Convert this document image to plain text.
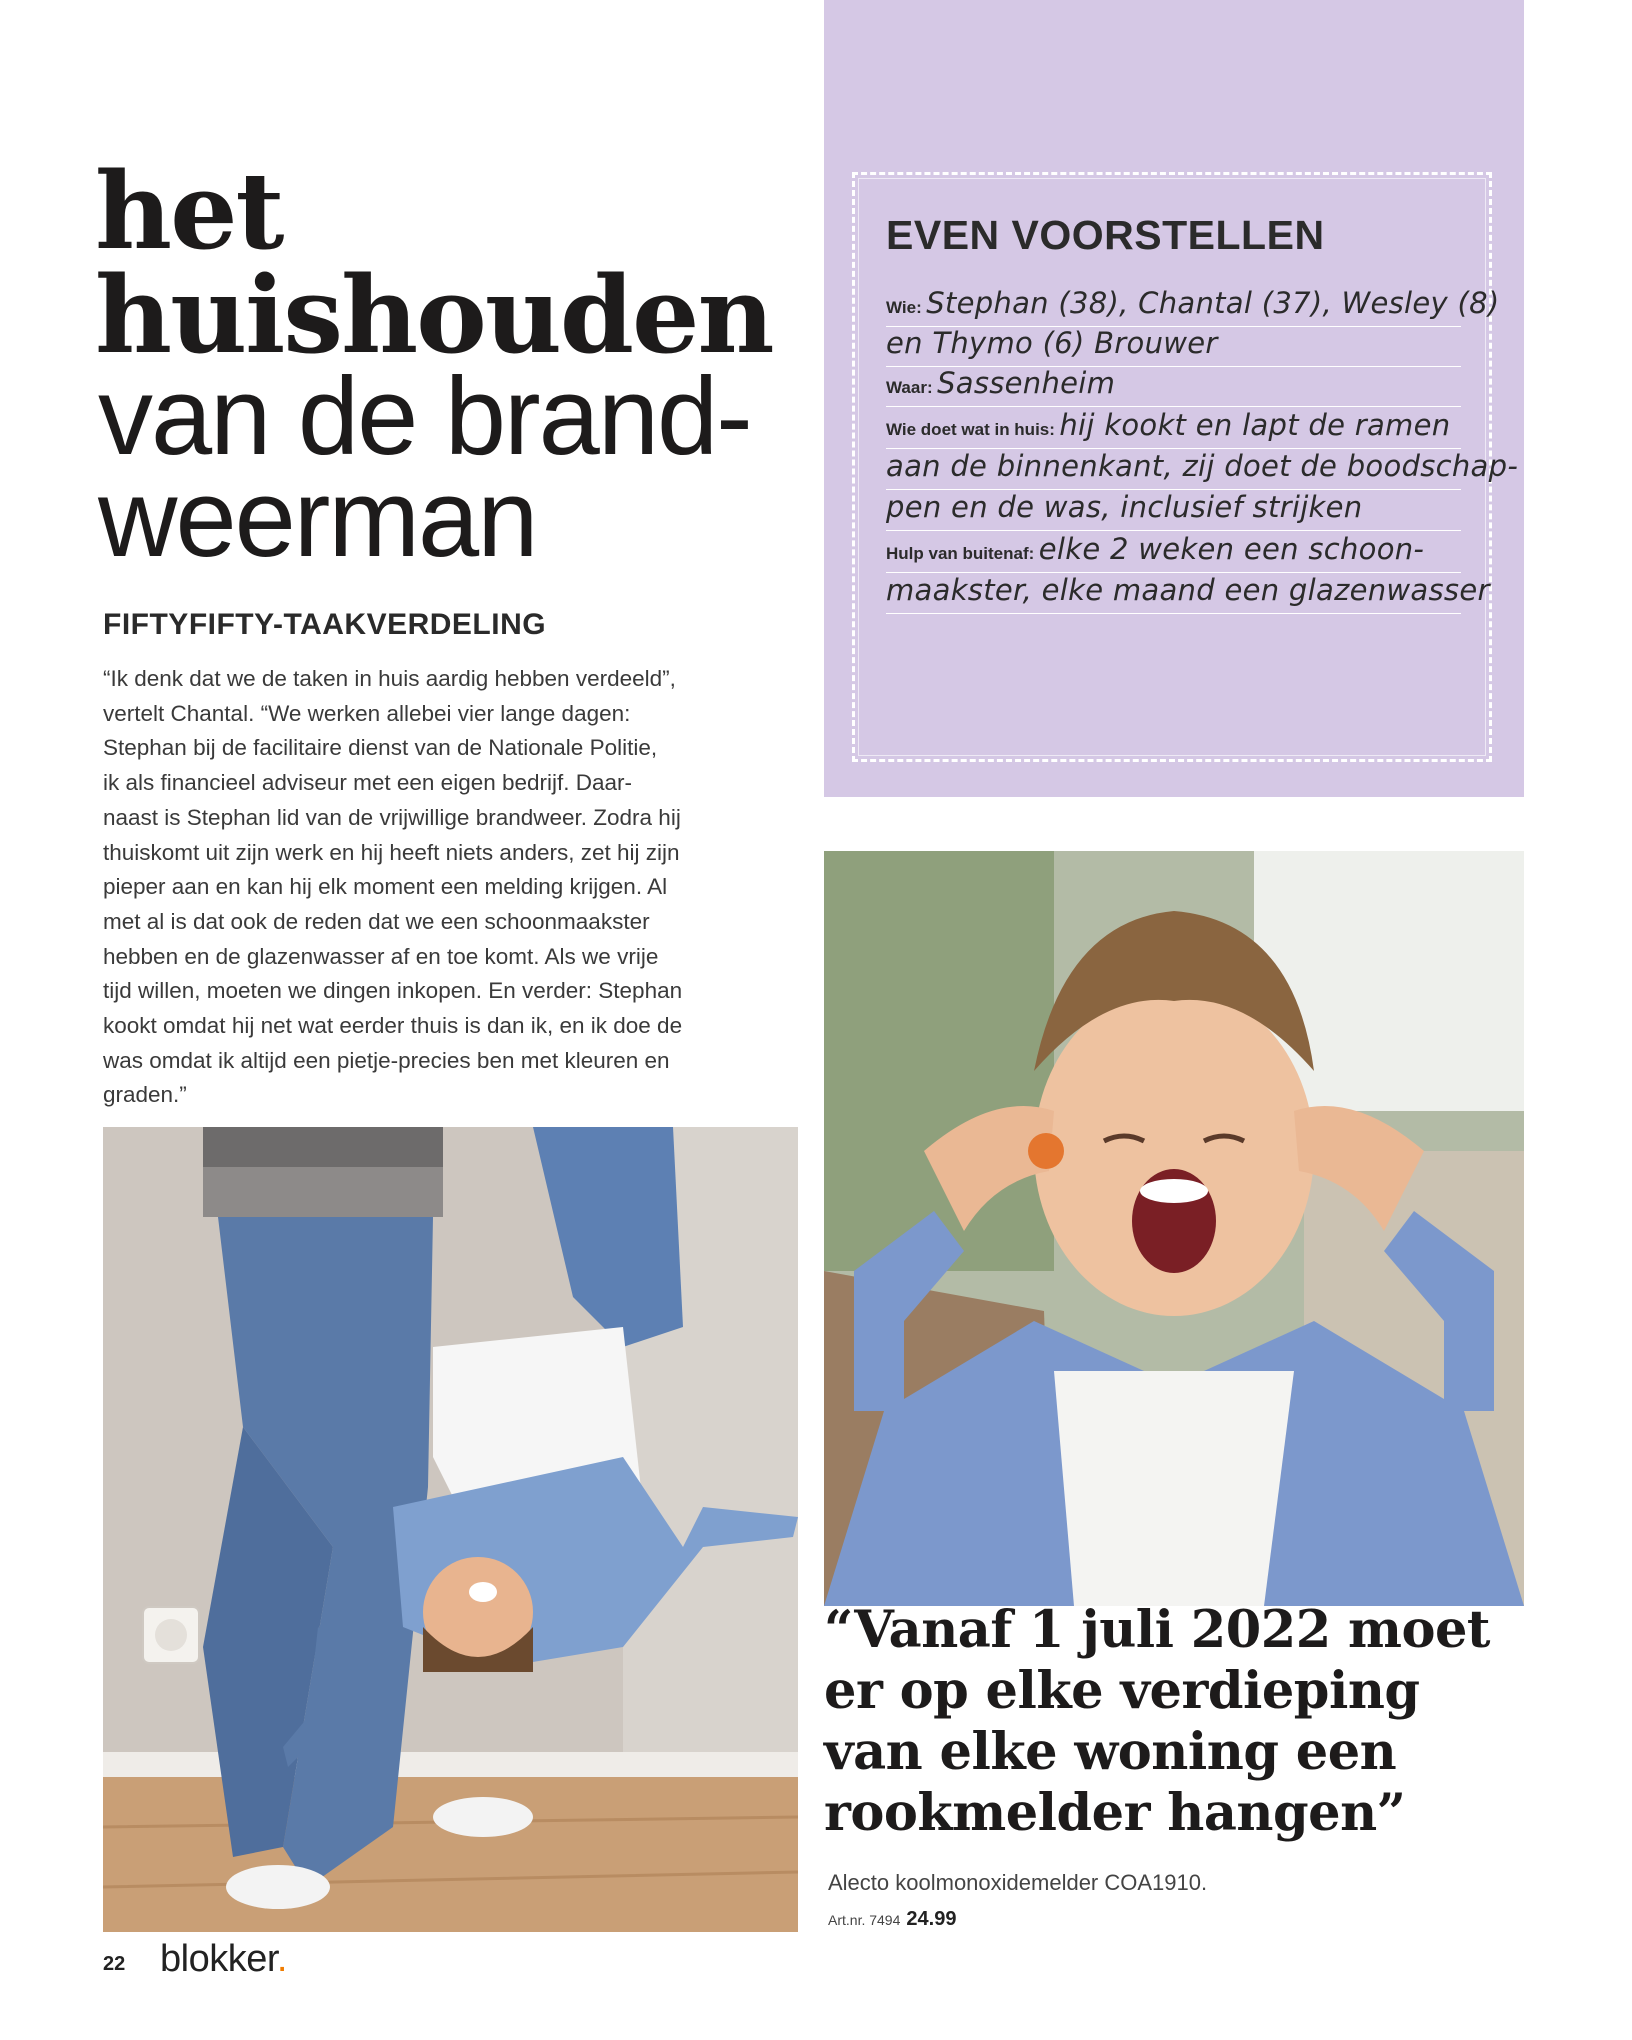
het
huishouden
van de brand-
weerman
FIFTYFIFTY-TAAKVERDELING
“Ik denk dat we de taken in huis aardig hebben verdeeld”,
vertelt Chantal. “We werken allebei vier lange dagen:
Stephan bij de facilitaire dienst van de Nationale Politie,
ik als financieel adviseur met een eigen bedrijf. Daar-
naast is Stephan lid van de vrijwillige brandweer. Zodra hij
thuiskomt uit zijn werk en hij heeft niets anders, zet hij zijn
pieper aan en kan hij elk moment een melding krijgen. Al
met al is dat ook de reden dat we een schoonmaakster
hebben en de glazenwasser af en toe komt. Als we vrije
tijd willen, moeten we dingen inkopen. En verder: Stephan
kookt omdat hij net wat eerder thuis is dan ik, en ik doe de
was omdat ik altijd een pietje-precies ben met kleuren en
graden.”
EVEN VOORSTELLEN
Wie: Stephan (38), Chantal (37), Wesley (8)
en Thymo (6) Brouwer
Waar: Sassenheim
Wie doet wat in huis: hij kookt en lapt de ramen
aan de binnenkant, zij doet de boodschap-
pen en de was, inclusief strijken
Hulp van buitenaf: elke 2 weken een schoon-
maakster, elke maand een glazenwasser
“Vanaf 1 juli 2022 moet
er op elke verdieping
van elke woning een
rookmelder hangen”
Alecto koolmonoxidemelder COA1910.
Art.nr. 7494 24.99
22 blokker.
